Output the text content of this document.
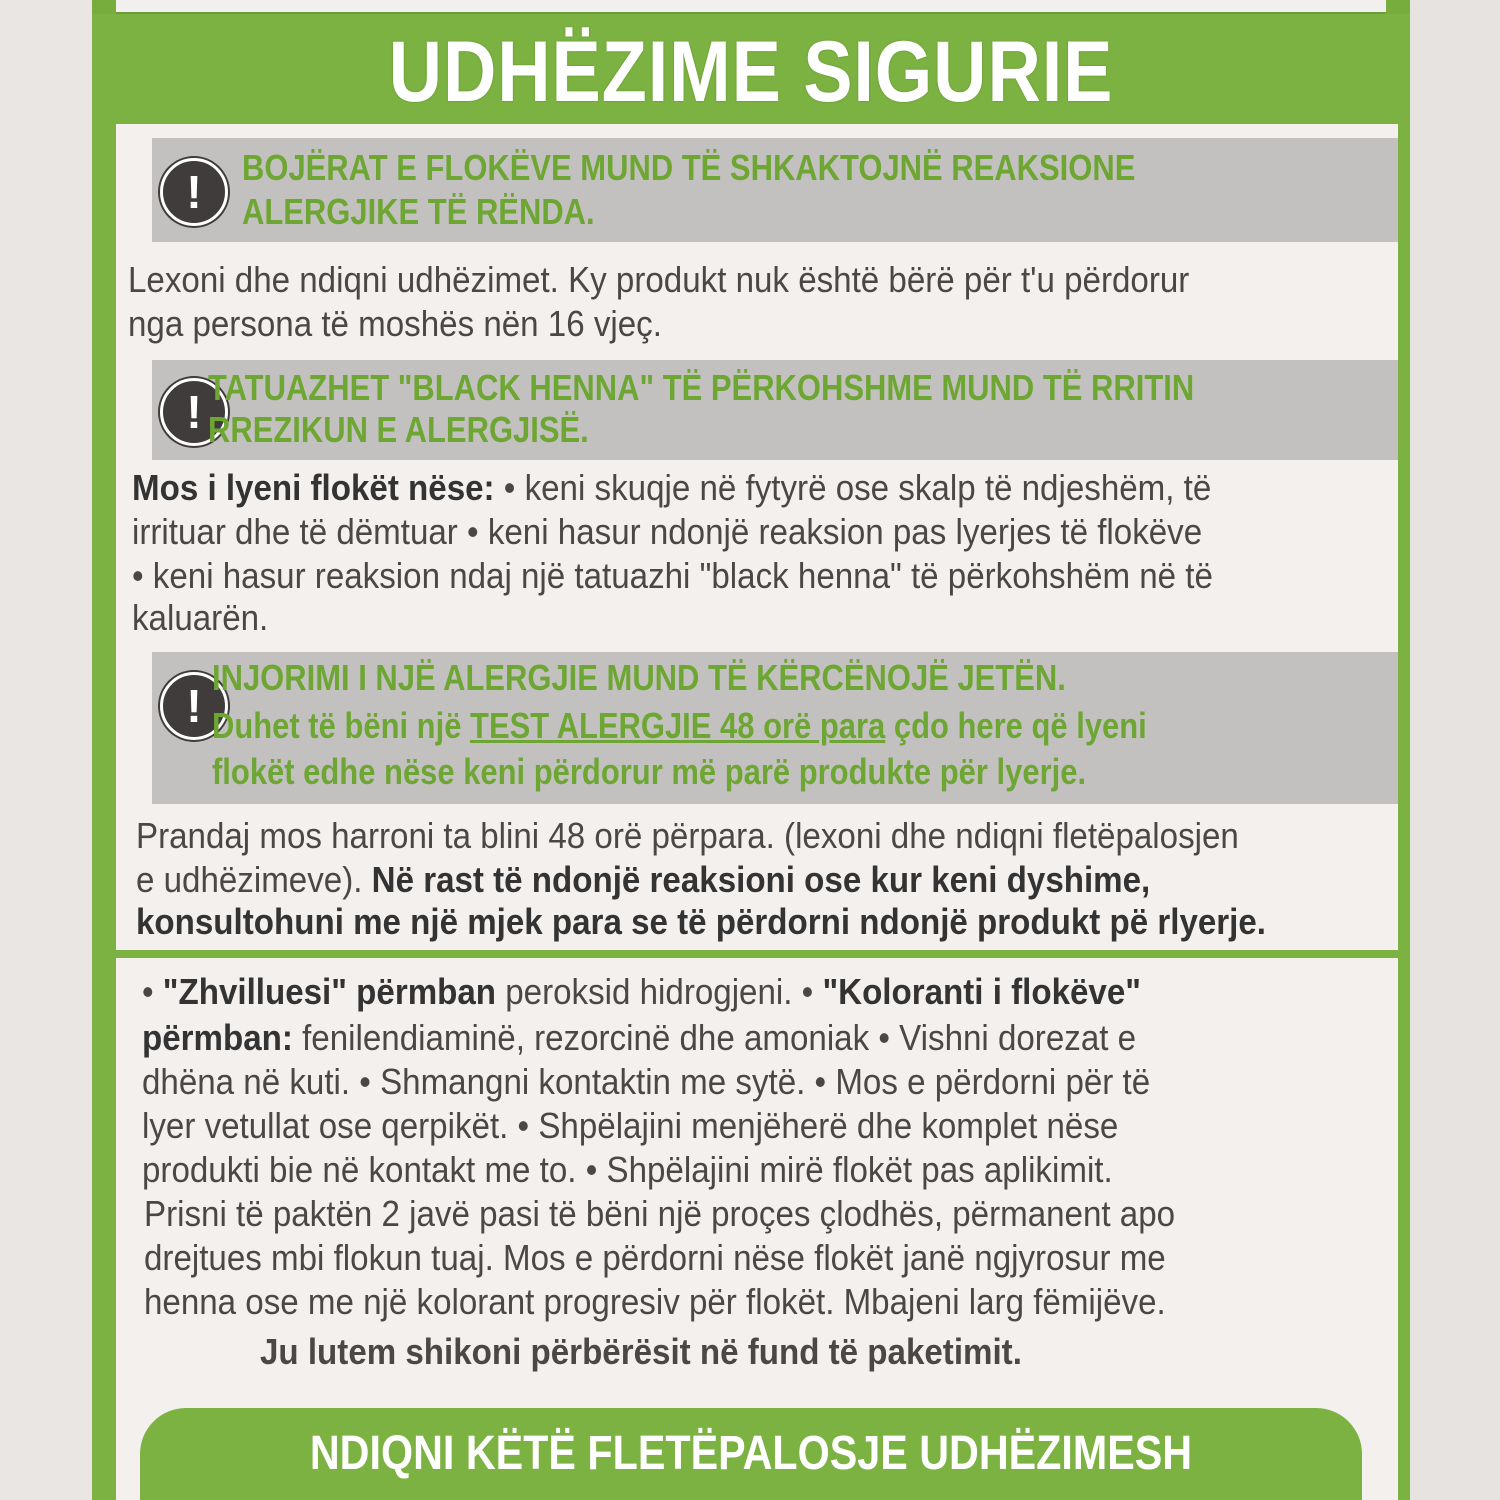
UDHËZIME SIGURIE
!	BOJËRAT E FLOKËVE MUND TË SHKAKTOJNË REAKSIONE
ALERGJIKE TË RËNDA.
Lexoni dhe ndiqni udhëzimet. Ky produkt nuk është bërë për t'u përdorur
nga persona të moshës nën 16 vjeç.
! TATUAZHET "BLACK HENNA" TË PËRKOHSHME MUND TË RRITIN
RREZIKUN E ALERGJISË.
Mos i lyeni flokët nëse: • keni skuqje në fytyrë ose skalp të ndjeshëm, të
irrituar dhe të dëmtuar • keni hasur ndonjë reaksion pas lyerjes të flokëve
• keni hasur reaksion ndaj një tatuazhi "black henna" të përkohshëm në të
kaluarën.
!
INJORIMI I NJË ALERGJIE MUND TË KËRCËNOJË JETËN.
Duhet të bëni një TEST ALERGJIE 48 orë para çdo here që lyeni
flokët edhe nëse keni përdorur më parë produkte për lyerje.
Prandaj mos harroni ta blini 48 orë përpara. (lexoni dhe ndiqni fletëpalosjen
e udhëzimeve). Në rast të ndonjë reaksioni ose kur keni dyshime,
konsultohuni me një mjek para se të përdorni ndonjë produkt pë rlyerje.
• "Zhvilluesi" përmban peroksid hidrogjeni. • "Koloranti i flokëve"
përmban: fenilendiaminë, rezorcinë dhe amoniak • Vishni dorezat e
dhëna në kuti. • Shmangni kontaktin me sytë. • Mos e përdorni për të
lyer vetullat ose qerpikët. • Shpëlajini menjëherë dhe komplet nëse
produkti bie në kontakt me to. • Shpëlajini mirë flokët pas aplikimit.
Prisni të paktën 2 javë pasi të bëni një proçes çlodhës, përmanent apo
drejtues mbi flokun tuaj. Mos e përdorni nëse flokët janë ngjyrosur me
henna ose me një kolorant progresiv për flokët. Mbajeni larg fëmijëve.
Ju lutem shikoni përbërësit në fund të paketimit.
NDIQNI KËTË FLETËPALOSJE UDHËZIMESH
